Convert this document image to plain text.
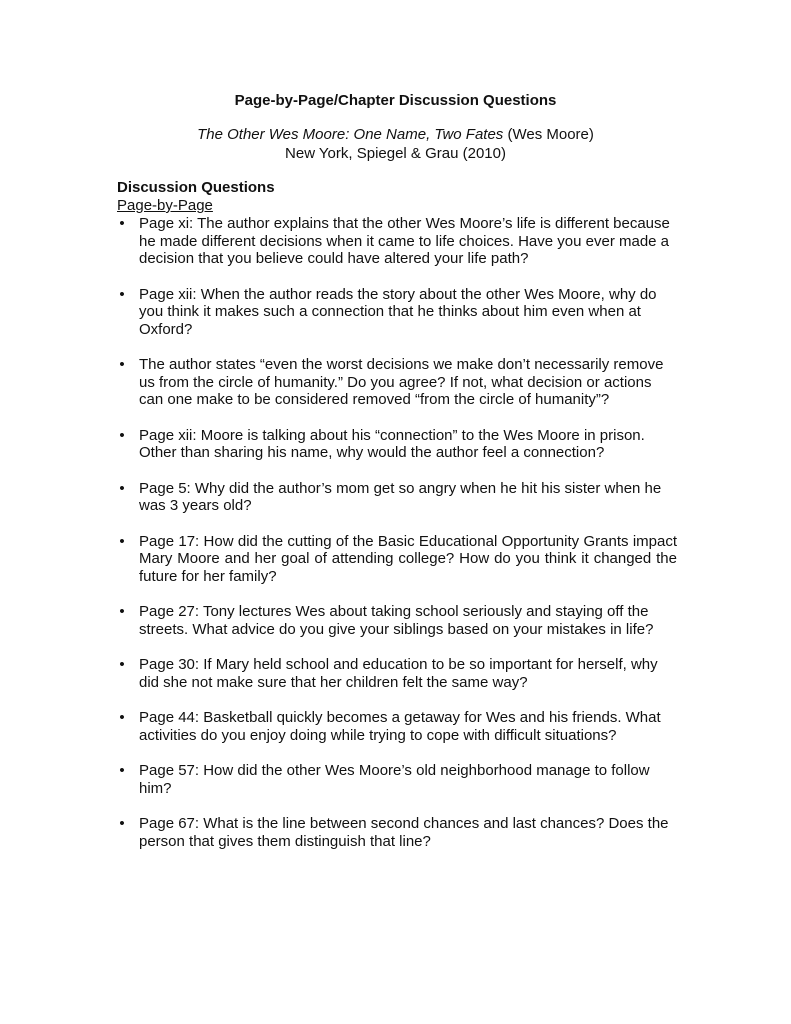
Page-by-Page/Chapter Discussion Questions
The Other Wes Moore: One Name, Two Fates (Wes Moore)
New York, Spiegel & Grau (2010)
Discussion Questions
Page-by-Page
• Page xi: The author explains that the other Wes Moore’s life is different because he made different decisions when it came to life choices. Have you ever made a decision that you believe could have altered your life path?
• Page xii: When the author reads the story about the other Wes Moore, why do you think it makes such a connection that he thinks about him even when at Oxford?
• The author states “even the worst decisions we make don’t necessarily remove us from the circle of humanity.” Do you agree? If not, what decision or actions can one make to be considered removed “from the circle of humanity”?
• Page xii: Moore is talking about his “connection” to the Wes Moore in prison. Other than sharing his name, why would the author feel a connection?
• Page 5: Why did the author’s mom get so angry when he hit his sister when he was 3 years old?
• Page 17: How did the cutting of the Basic Educational Opportunity Grants impact Mary Moore and her goal of attending college? How do you think it changed the future for her family?
• Page 27: Tony lectures Wes about taking school seriously and staying off the streets. What advice do you give your siblings based on your mistakes in life?
• Page 30: If Mary held school and education to be so important for herself, why did she not make sure that her children felt the same way?
• Page 44: Basketball quickly becomes a getaway for Wes and his friends. What activities do you enjoy doing while trying to cope with difficult situations?
• Page 57: How did the other Wes Moore’s old neighborhood manage to follow him?
• Page 67: What is the line between second chances and last chances? Does the person that gives them distinguish that line?
